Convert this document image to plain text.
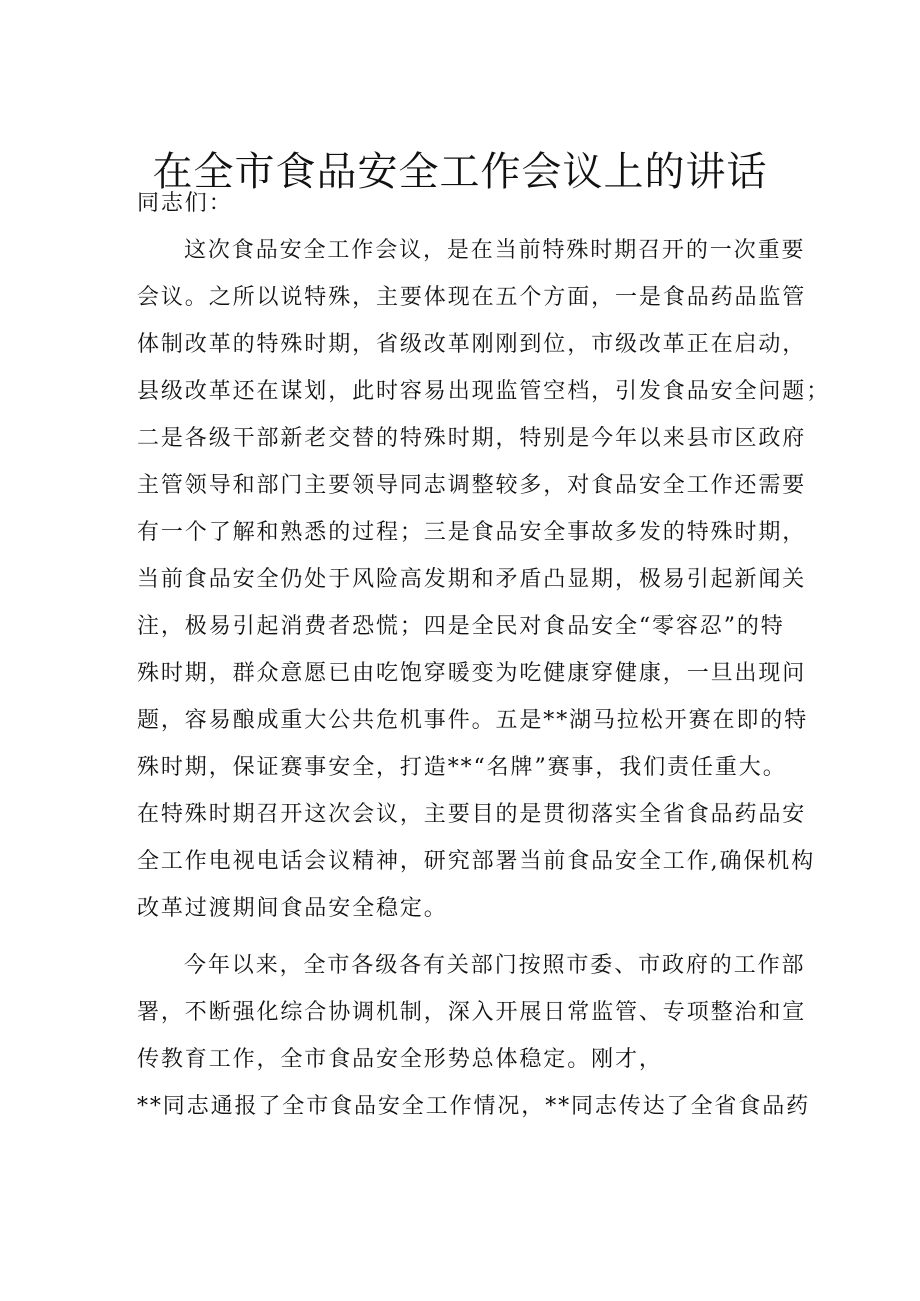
在全市食品安全工作会议上的讲话
同志们：
这次食品安全工作会议，是在当前特殊时期召开的一次重要
会议。之所以说特殊，主要体现在五个方面，一是食品药品监管
体制改革的特殊时期，省级改革刚刚到位，市级改革正在启动，
县级改革还在谋划，此时容易出现监管空档，引发食品安全问题；
二是各级干部新老交替的特殊时期，特别是今年以来县市区政府
主管领导和部门主要领导同志调整较多，对食品安全工作还需要
有一个了解和熟悉的过程；三是食品安全事故多发的特殊时期，
当前食品安全仍处于风险高发期和矛盾凸显期，极易引起新闻关
注，极易引起消费者恐慌；四是全民对食品安全“零容忍”的特
殊时期，群众意愿已由吃饱穿暖变为吃健康穿健康，一旦出现问
题，容易酿成重大公共危机事件。五是**湖马拉松开赛在即的特
殊时期，保证赛事安全，打造**“名牌”赛事，我们责任重大。
在特殊时期召开这次会议，主要目的是贯彻落实全省食品药品安
全工作电视电话会议精神，研究部署当前食品安全工作,确保机构
改革过渡期间食品安全稳定。
今年以来，全市各级各有关部门按照市委、市政府的工作部
署，不断强化综合协调机制，深入开展日常监管、专项整治和宣
传教育工作，全市食品安全形势总体稳定。刚才，
**同志通报了全市食品安全工作情况，**同志传达了全省食品药
